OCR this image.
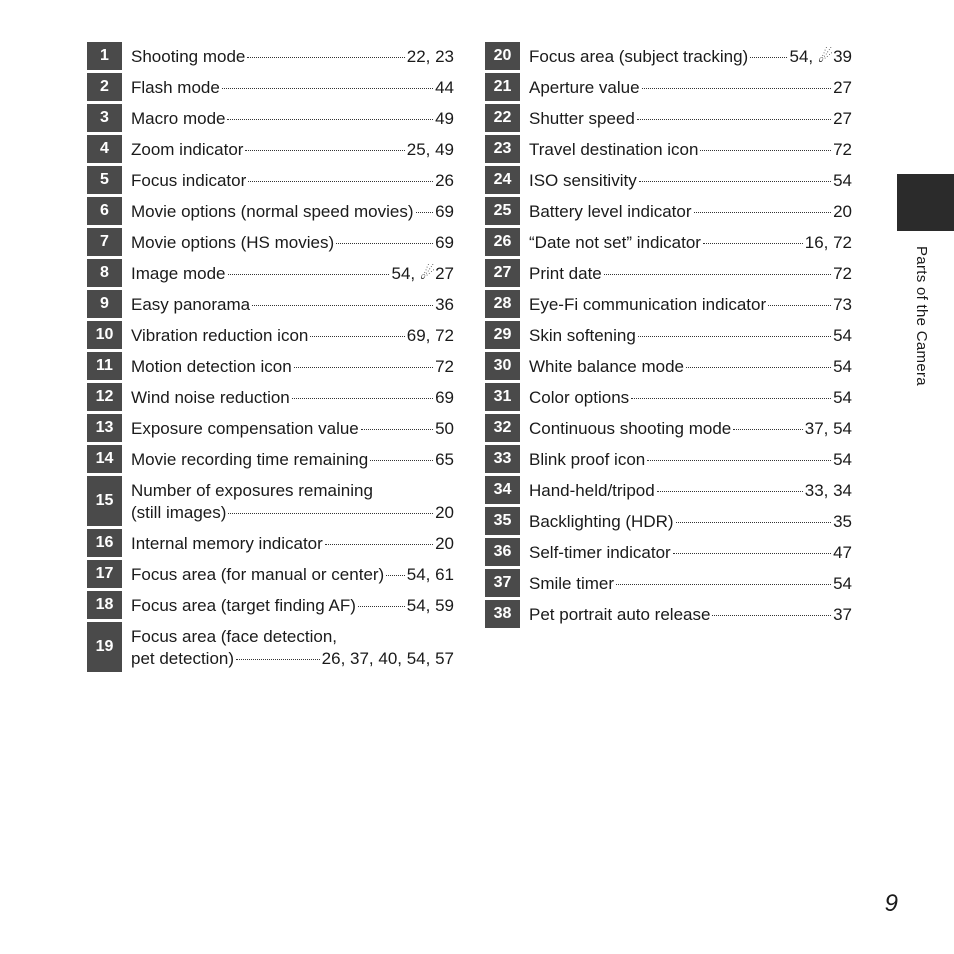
1	Shooting mode	22, 23
2	Flash mode	44
3	Macro mode	49
4	Zoom indicator	25, 49
5	Focus indicator	26
6	Movie options (normal speed movies) 69
7	Movie options (HS movies)	69
8	Image mode	54, ☄27
9	Easy panorama	36
10	Vibration reduction icon	69, 72
11	Motion detection icon	72
12	Wind noise reduction	69
13	Exposure compensation value	50
14	Movie recording time remaining	65
15
Number of exposures remaining
(still images)	20
16	Internal memory indicator	20
17	Focus area (for manual or center) 54, 61
18	Focus area (target finding AF)	54, 59
19
Focus area (face detection,
pet detection)	26, 37, 40, 54, 57
20	Focus area (subject tracking) 54, ☄39
21	Aperture value	27
22	Shutter speed	27
23	Travel destination icon	72
24	ISO sensitivity	54
25	Battery level indicator	20
26	“Date not set” indicator	16, 72
27	Print date	72
28	Eye-Fi communication indicator	73
29	Skin softening	54
30	White balance mode	54
31	Color options	54
32	Continuous shooting mode	37, 54
33	Blink proof icon	54
34	Hand-held/tripod	33, 34
35	Backlighting (HDR)	35
36	Self-timer indicator	47
37	Smile timer	54
38	Pet portrait auto release	37
Parts of the Camera
9
